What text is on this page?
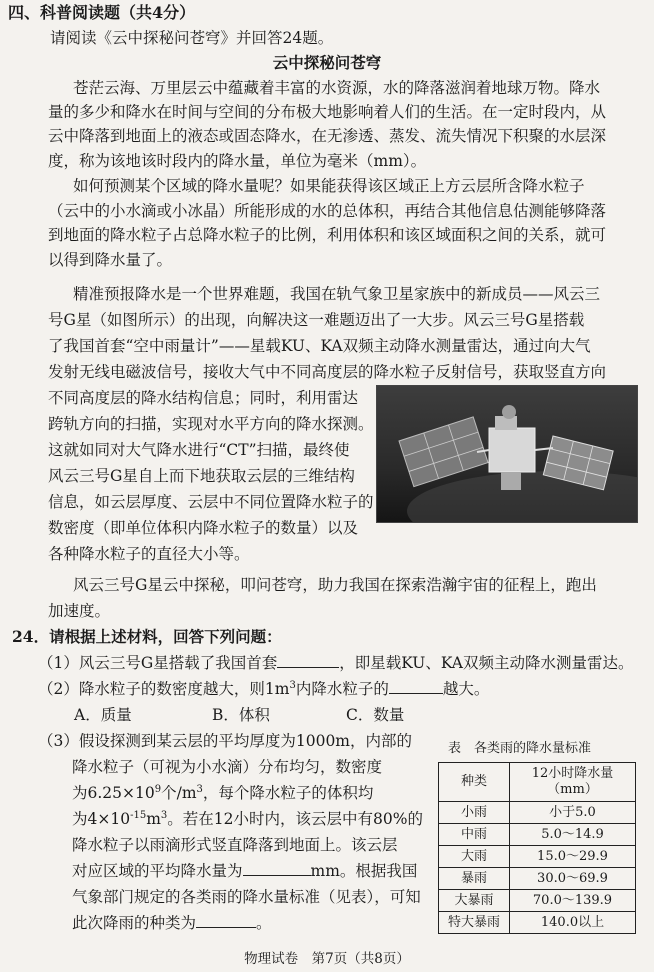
四、科普阅读题（共4分）
请阅读《云中探秘问苍穹》并回答24题。
云中探秘问苍穹
苍茫云海、万里层云中蕴藏着丰富的水资源，水的降落滋润着地球万物。降水
量的多少和降水在时间与空间的分布极大地影响着人们的生活。在一定时段内，从
云中降落到地面上的液态或固态降水，在无渗透、蒸发、流失情况下积聚的水层深
度，称为该地该时段内的降水量，单位为毫米（mm）。
如何预测某个区域的降水量呢？如果能获得该区域正上方云层所含降水粒子
（云中的小水滴或小冰晶）所能形成的水的总体积，再结合其他信息估测能够降落
到地面的降水粒子占总降水粒子的比例，利用体积和该区域面积之间的关系，就可
以得到降水量了。
精准预报降水是一个世界难题，我国在轨气象卫星家族中的新成员——风云三
号G星（如图所示）的出现，向解决这一难题迈出了一大步。风云三号G星搭载
了我国首套“空中雨量计”——星载KU、KA双频主动降水测量雷达，通过向大气
发射无线电磁波信号，接收大气中不同高度层的降水粒子反射信号，获取竖直方向
不同高度层的降水结构信息；同时，利用雷达
跨轨方向的扫描，实现对水平方向的降水探测。
这就如同对大气降水进行“CT”扫描，最终使
风云三号G星自上而下地获取云层的三维结构
信息，如云层厚度、云层中不同位置降水粒子的
数密度（即单位体积内降水粒子的数量）以及
各种降水粒子的直径大小等。
风云三号G星云中探秘，叩问苍穹，助力我国在探索浩瀚宇宙的征程上，跑出
加速度。
24．请根据上述材料，回答下列问题：
（1）风云三号G星搭载了我国首套	，即星载KU、KA双频主动降水测量雷达。
（2）降水粒子的数密度越大，则$1m^3$内降水粒子的	越大。
A．质量	B．体积	C．数量
（3）假设探测到某云层的平均厚度为1000m，内部的
降水粒子（可视为小水滴）分布均匀，数密度
为$6.25\times 10^9$个$/m^3$，每个降水粒子的体积均
为$4\times 10^{-15}m^3$。若在12小时内，该云层中有80%的
降水粒子以雨滴形式竖直降落到地面上。该云层
对应区域的平均降水量为	mm。根据我国
气象部门规定的各类雨的降水量标准（见表），可知
此次降雨的种类为	。
表　各类雨的降水量标准
种类	12小时降水量
（mm）

小雨	小于5.0
中雨	5.0～14.9
大雨	15.0～29.9
暴雨	30.0～69.9
大暴雨	70.0～139.9
特大暴雨	140.0以上
物理试卷　第7页（共8页）
